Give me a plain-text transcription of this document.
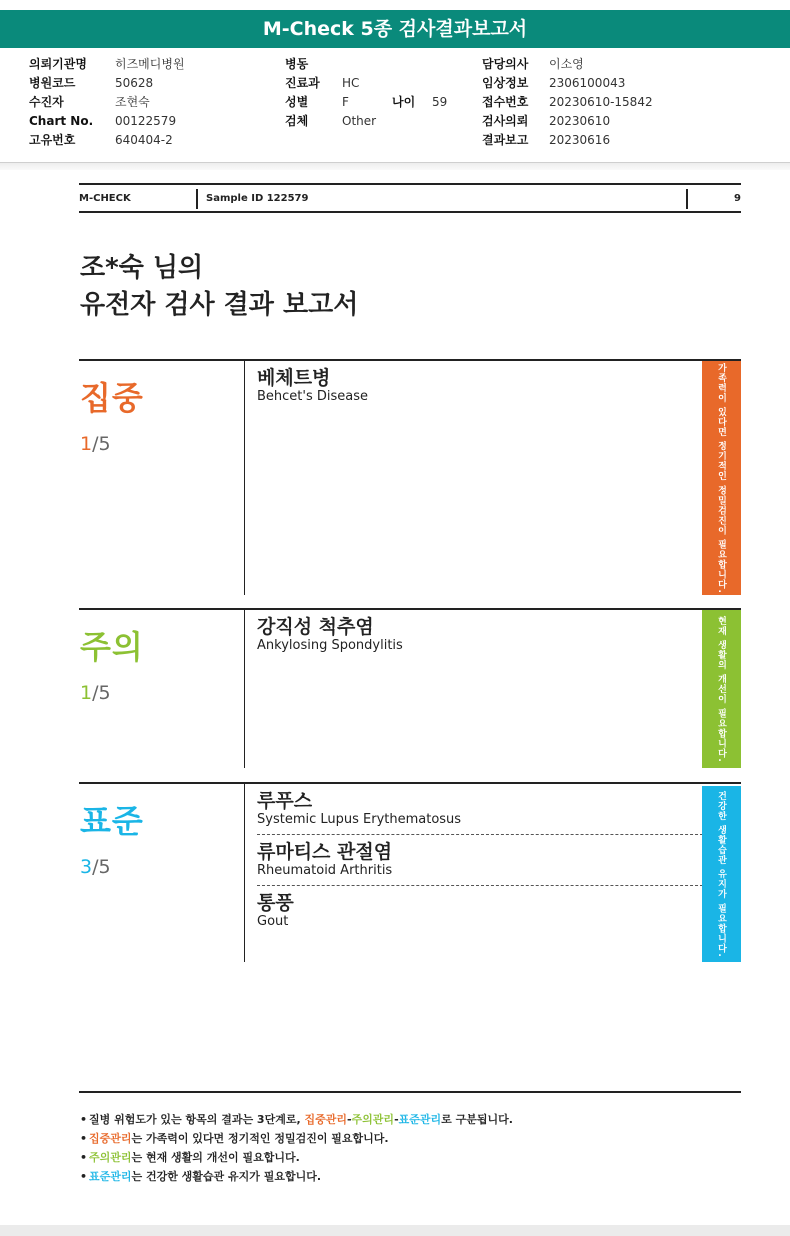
M-Check 5종 검사결과보고서
의뢰기관명 히즈메디병원
병원코드	50628
수진자	조현숙
Chart No. 00122579
고유번호	640404-2
병동
진료과 HC
성별	F	나이 59
검체	Other
담당의사 이소영
임상정보 2306100043
접수번호 20230610-15842
검사의뢰 20230610
결과보고 20230616
M-CHECK	Sample ID 122579	9
조*숙 님의
유전자 검사 결과 보고서
집중
1/5
베체트병
Behcet's Disease	가족력이 있다면 정기적인 정밀검진이 필요합니다.
주의
1/5
강직성 척추염
Ankylosing Spondylitis	현재 생활의 개선이 필요합니다.
표준
3/5
루푸스
Systemic Lupus Erythematosus
류마티스 관절염
Rheumatoid Arthritis
통풍
Gout	건강한 생활습관 유지가 필요합니다.
• 질병 위험도가 있는 항목의 결과는 3단계로, 집중관리-주의관리-표준관리로 구분됩니다.
• 집중관리는 가족력이 있다면 정기적인 정밀검진이 필요합니다.
• 주의관리는 현재 생활의 개선이 필요합니다.
• 표준관리는 건강한 생활습관 유지가 필요합니다.
